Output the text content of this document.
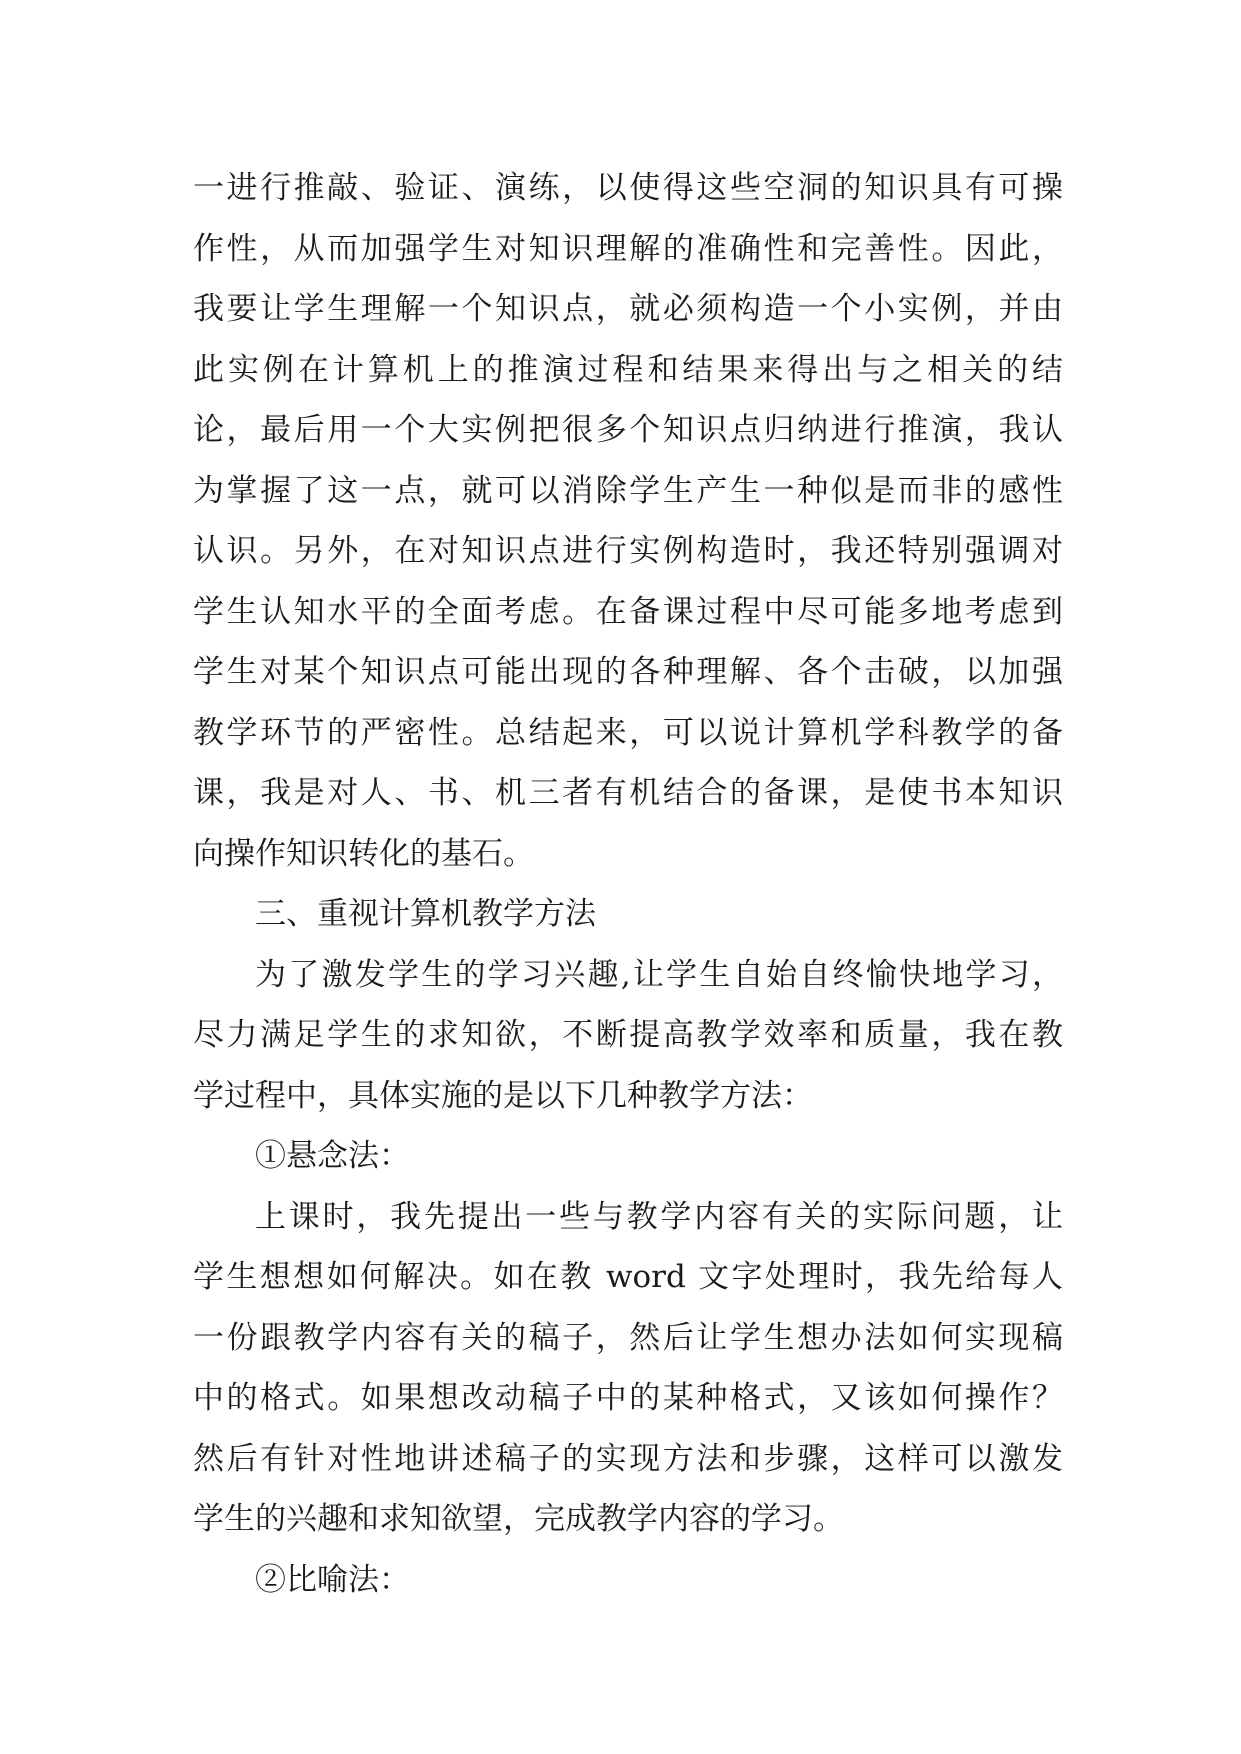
一进行推敲、验证、演练，以使得这些空洞的知识具有可操
作性，从而加强学生对知识理解的准确性和完善性。因此，
我要让学生理解一个知识点，就必须构造一个小实例，并由
此实例在计算机上的推演过程和结果来得出与之相关的结
论，最后用一个大实例把很多个知识点归纳进行推演，我认
为掌握了这一点，就可以消除学生产生一种似是而非的感性
认识。另外，在对知识点进行实例构造时，我还特别强调对
学生认知水平的全面考虑。在备课过程中尽可能多地考虑到
学生对某个知识点可能出现的各种理解、各个击破，以加强
教学环节的严密性。总结起来，可以说计算机学科教学的备
课，我是对人、书、机三者有机结合的备课，是使书本知识
向操作知识转化的基石。
三、重视计算机教学方法
为了激发学生的学习兴趣,让学生自始自终愉快地学习，
尽力满足学生的求知欲，不断提高教学效率和质量，我在教
学过程中，具体实施的是以下几种教学方法：
①悬念法：
上课时，我先提出一些与教学内容有关的实际问题，让
学生想想如何解决。如在教 word 文字处理时，我先给每人
一份跟教学内容有关的稿子，然后让学生想办法如何实现稿
中的格式。如果想改动稿子中的某种格式，又该如何操作？
然后有针对性地讲述稿子的实现方法和步骤，这样可以激发
学生的兴趣和求知欲望，完成教学内容的学习。
②比喻法：
